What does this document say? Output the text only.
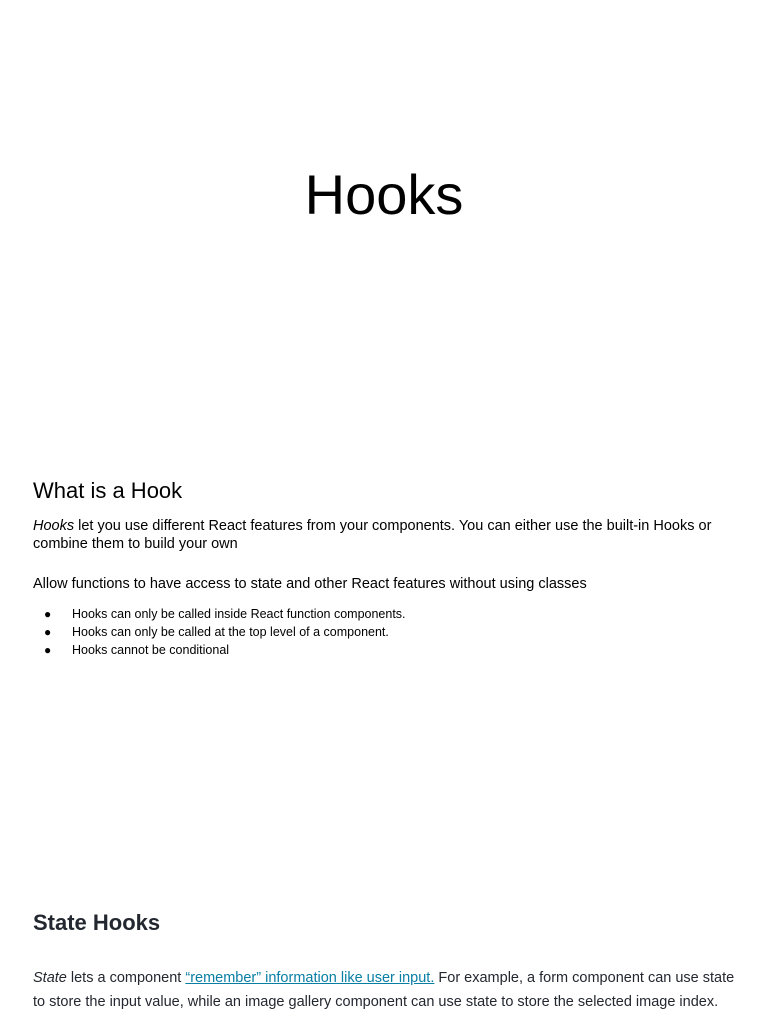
Hooks
What is a Hook

Hooks let you use different React features from your components. You can either use the built-in Hooks or combine them to build your own

Allow functions to have access to state and other React features without using classes

● Hooks can only be called inside React function components.
● Hooks can only be called at the top level of a component.
● Hooks cannot be conditional
State Hooks

State lets a component “remember” information like user input. For example, a form component can use state to store the input value, while an image gallery component can use state to store the selected image index.
